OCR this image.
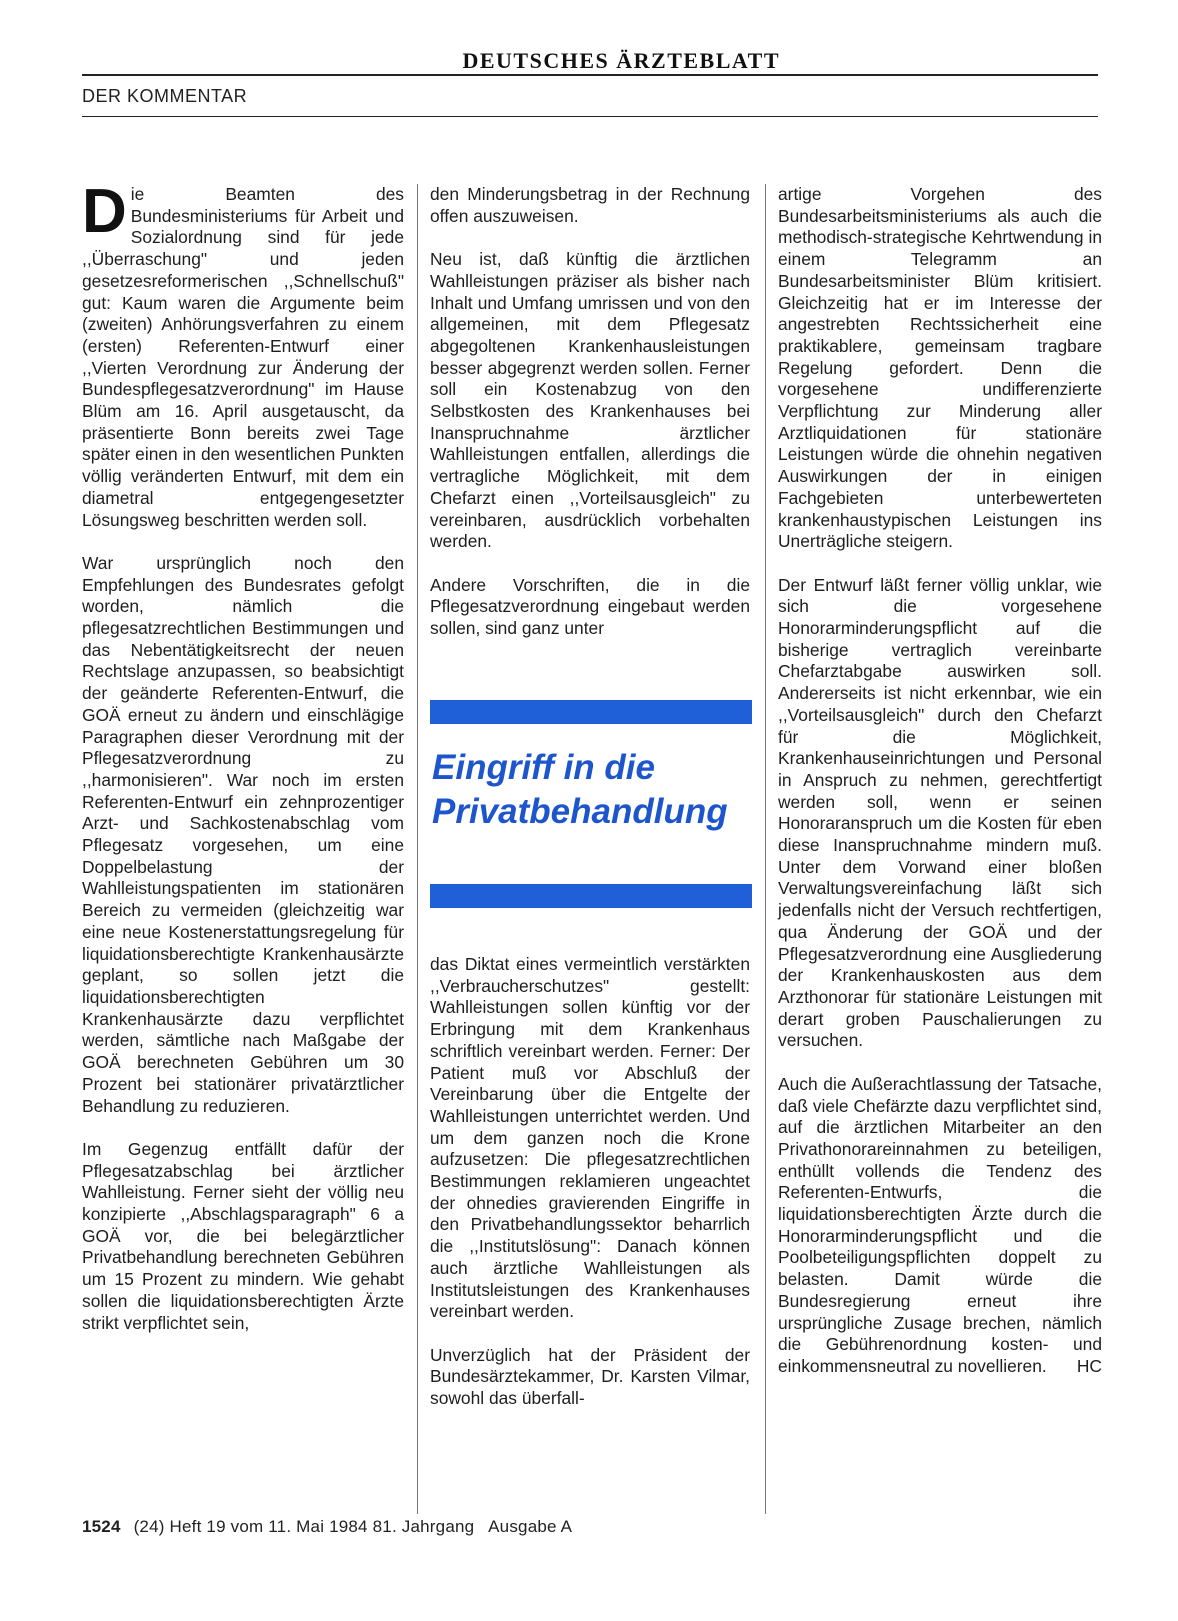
DEUTSCHES ÄRZTEBLATT
DER KOMMENTAR

Die Beamten des Bundesministeriums für Arbeit und Sozialordnung sind für jede ,,Überraschung" und jeden gesetzesreformerischen ,,Schnellschuß" gut: Kaum waren die Argumente beim (zweiten) Anhörungsverfahren zu einem (ersten) Referenten-Entwurf einer ,,Vierten Verordnung zur Änderung der Bundespflegesatzverordnung" im Hause Blüm am 16. April ausgetauscht, da präsentierte Bonn bereits zwei Tage später einen in den wesentlichen Punkten völlig veränderten Entwurf, mit dem ein diametral entgegengesetzter Lösungsweg beschritten werden soll.

War ursprünglich noch den Empfehlungen des Bundesrates gefolgt worden, nämlich die pflegesatzrechtlichen Bestimmungen und das Nebentätigkeitsrecht der neuen Rechtslage anzupassen, so beabsichtigt der geänderte Referenten-Entwurf, die GOÄ erneut zu ändern und einschlägige Paragraphen dieser Verordnung mit der Pflegesatzverordnung zu ,,harmonisieren". War noch im ersten Referenten-Entwurf ein zehnprozentiger Arzt- und Sachkostenabschlag vom Pflegesatz vorgesehen, um eine Doppelbelastung der Wahlleistungspatienten im stationären Bereich zu vermeiden (gleichzeitig war eine neue Kostenerstattungsregelung für liquidationsberechtigte Krankenhausärzte geplant, so sollen jetzt die liquidationsberechtigten Krankenhausärzte dazu verpflichtet werden, sämtliche nach Maßgabe der GOÄ berechneten Gebühren um 30 Prozent bei stationärer privatärztlicher Behandlung zu reduzieren.

Im Gegenzug entfällt dafür der Pflegesatzabschlag bei ärztlicher Wahlleistung. Ferner sieht der völlig neu konzipierte ,,Abschlagsparagraph" 6 a GOÄ vor, die bei belegärztlicher Privatbehandlung berechneten Gebühren um 15 Prozent zu mindern. Wie gehabt sollen die liquidationsberechtigten Ärzte strikt verpflichtet sein,

den Minderungsbetrag in der Rechnung offen auszuweisen.

Neu ist, daß künftig die ärztlichen Wahlleistungen präziser als bisher nach Inhalt und Umfang umrissen und von den allgemeinen, mit dem Pflegesatz abgegoltenen Krankenhausleistungen besser abgegrenzt werden sollen. Ferner soll ein Kostenabzug von den Selbstkosten des Krankenhauses bei Inanspruchnahme ärztlicher Wahlleistungen entfallen, allerdings die vertragliche Möglichkeit, mit dem Chefarzt einen ,,Vorteilsausgleich" zu vereinbaren, ausdrücklich vorbehalten werden.

Andere Vorschriften, die in die Pflegesatzverordnung eingebaut werden sollen, sind ganz unter

das Diktat eines vermeintlich verstärkten ,,Verbraucherschutzes" gestellt: Wahlleistungen sollen künftig vor der Erbringung mit dem Krankenhaus schriftlich vereinbart werden. Ferner: Der Patient muß vor Abschluß der Vereinbarung über die Entgelte der Wahlleistungen unterrichtet werden. Und um dem ganzen noch die Krone aufzusetzen: Die pflegesatzrechtlichen Bestimmungen reklamieren ungeachtet der ohnedies gravierenden Eingriffe in den Privatbehandlungssektor beharrlich die ,,Institutslösung": Danach können auch ärztliche Wahlleistungen als Institutsleistungen des Krankenhauses vereinbart werden.

Unverzüglich hat der Präsident der Bundesärztekammer, Dr. Karsten Vilmar, sowohl das überfall-

Eingriff in die Privatbehandlung

artige Vorgehen des Bundesarbeitsministeriums als auch die methodisch-strategische Kehrtwendung in einem Telegramm an Bundesarbeitsminister Blüm kritisiert. Gleichzeitig hat er im Interesse der angestrebten Rechtssicherheit eine praktikablere, gemeinsam tragbare Regelung gefordert. Denn die vorgesehene undifferenzierte Verpflichtung zur Minderung aller Arztliquidationen für stationäre Leistungen würde die ohnehin negativen Auswirkungen der in einigen Fachgebieten unterbewerteten krankenhaustypischen Leistungen ins Unerträgliche steigern.

Der Entwurf läßt ferner völlig unklar, wie sich die vorgesehene Honorarminderungspflicht auf die bisherige vertraglich vereinbarte Chefarztabgabe auswirken soll. Andererseits ist nicht erkennbar, wie ein ,,Vorteilsausgleich" durch den Chefarzt für die Möglichkeit, Krankenhauseinrichtungen und Personal in Anspruch zu nehmen, gerechtfertigt werden soll, wenn er seinen Honoraranspruch um die Kosten für eben diese Inanspruchnahme mindern muß. Unter dem Vorwand einer bloßen Verwaltungsvereinfachung läßt sich jedenfalls nicht der Versuch rechtfertigen, qua Änderung der GOÄ und der Pflegesatzverordnung eine Ausgliederung der Krankenhauskosten aus dem Arzthonorar für stationäre Leistungen mit derart groben Pauschalierungen zu versuchen.

Auch die Außerachtlassung der Tatsache, daß viele Chefärzte dazu verpflichtet sind, auf die ärztlichen Mitarbeiter an den Privathonorareinnahmen zu beteiligen, enthüllt vollends die Tendenz des Referenten-Entwurfs, die liquidationsberechtigten Ärzte durch die Honorarminderungspflicht und die Poolbeteiligungspflichten doppelt zu belasten. Damit würde die Bundesregierung erneut ihre ursprüngliche Zusage brechen, nämlich die Gebührenordnung kosten- und einkommensneutral zu novellieren. HC

1524 (24) Heft 19 vom 11. Mai 1984 81. Jahrgang Ausgabe A
